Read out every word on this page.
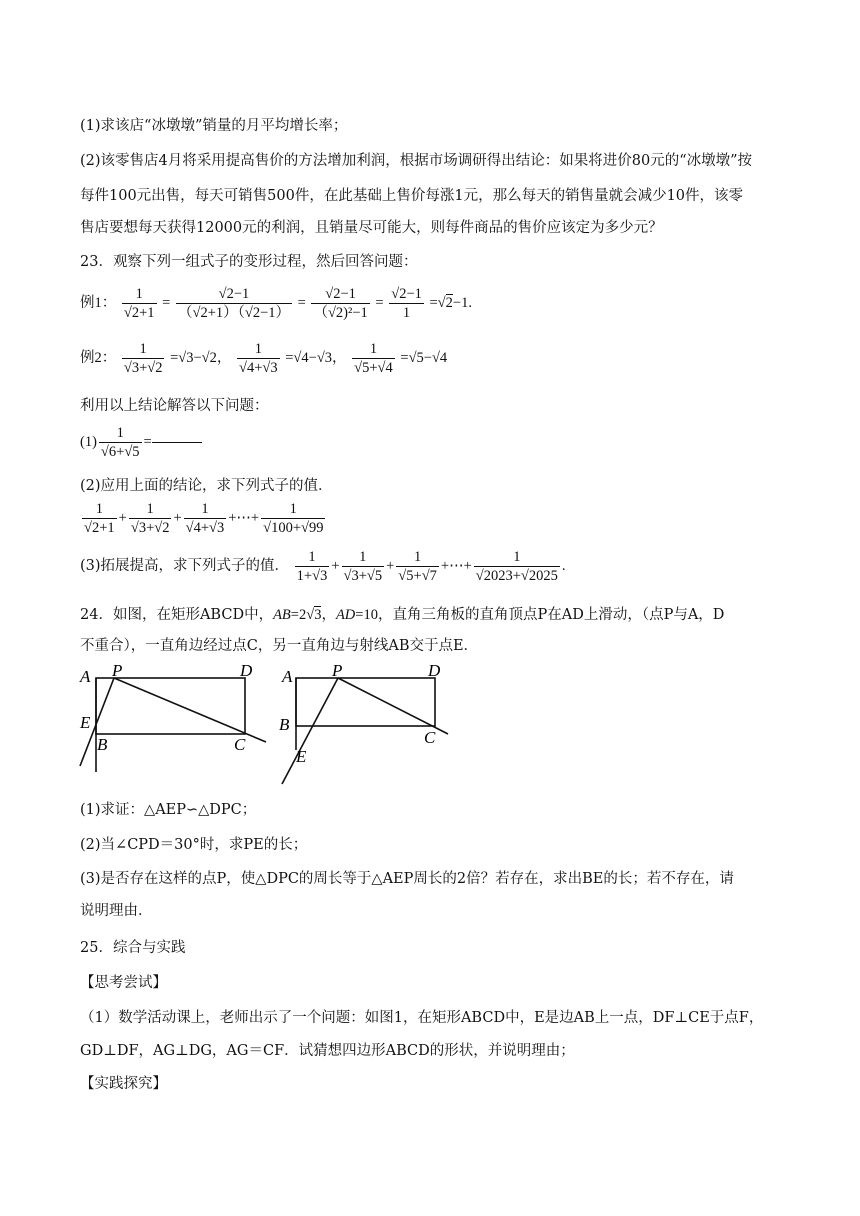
(1)求该店“冰墩墩”销量的月平均增长率；
(2)该零售店4月将采用提高售价的方法增加利润，根据市场调研得出结论：如果将进价80元的“冰墩墩”按
每件100元出售，每天可销售500件，在此基础上售价每涨1元，那么每天的销售量就会减少10件，该零
售店要想每天获得12000元的利润，且销量尽可能大，则每件商品的售价应该定为多少元？
23．观察下列一组式子的变形过程，然后回答问题：
例1： $\frac{1}{√2+1} = \frac{√2-1}{(√2+1)(√2-1)} = \frac{√2-1}{\text{（√2)²−1}} = \frac{√2-1}{1} =√2-1$.
例2： $\frac{1}{√3+√2} =√3-√2$， $\frac{1}{√4+√3} =√4-√3$， $\frac{1}{√5+√4} =√5-√4$
利用以上结论解答以下问题：
$(1) \frac{1}{√6+√5}$ =
(2)应用上面的结论，求下列式子的值．
$\frac{1}{√2+1} + \frac{1}{√3+√2} + \frac{1}{√4+√3}$ +⋯+ $\frac{1}{√100+√99}$
(3)拓展提高，求下列式子的值． $\frac{1}{1+√3} + \frac{1}{√3+√5} + \frac{1}{√5+√7}$ +⋯+ $\frac{1}{√2023+√2025}$ .
24．如图，在矩形ABCD中，AB=2√3，AD=10，直角三角板的直角顶点P在AD上滑动，（点P与A，D
不重合），一直角边经过点C，另一直角边与射线AB交于点E．
A P	D
E
B	C
A P	D
B
E
C
(1)求证：△AEP∽△DPC；
(2)当∠CPD＝30°时，求PE的长；
(3)是否存在这样的点P，使△DPC的周长等于△AEP周长的2倍？若存在，求出BE的长；若不存在，请
说明理由．
25．综合与实践
【思考尝试】
（1）数学活动课上，老师出示了一个问题：如图1，在矩形ABCD中，E是边AB上一点，DF⊥CE于点F，
GD⊥DF，AG⊥DG，AG＝CF．试猜想四边形ABCD的形状，并说明理由；
【实践探究】
